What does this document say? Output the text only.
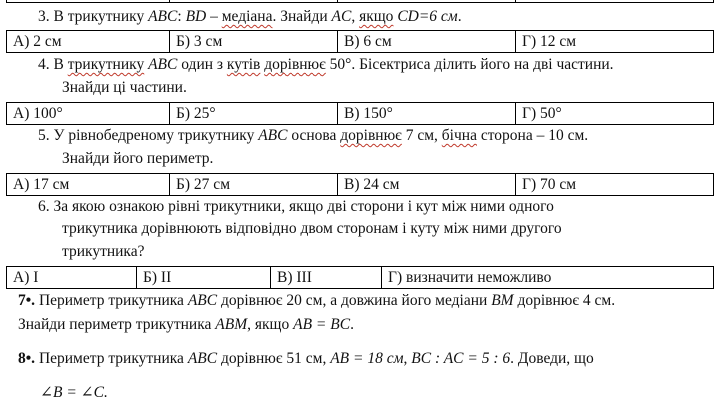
3. В трикутнику ABC: BD – медіана. Знайди AC, якщо CD=6 см.
А) 2 см	Б) 3 см	В) 6 см	Г) 12 см
4. В трикутнику ABC один з кутів дорівнює 50°. Бісектриса ділить його на дві частини.
Знайди ці частини.
А) 100°	Б) 25°	В) 150°	Г) 50°
5. У рівнобедреному трикутнику ABC основа дорівнює 7 см, бічна сторона – 10 см.
Знайди його периметр.
А) 17 см	Б) 27 см	В) 24 см	Г) 70 см
6. За якою ознакою рівні трикутники, якщо дві сторони і кут між ними одного
трикутника дорівнюють відповідно двом сторонам і куту між ними другого
трикутника?
А) I	Б) II	В) III	Г) визначити неможливо
7•. Периметр трикутника ABC дорівнює 20 см, а довжина його медіани BM дорівнює 4 см.
Знайди периметр трикутника ABM, якщо AB = BC.
8•. Периметр трикутника ABC дорівнює 51 см, AB = 18 см, BC : AC = 5 : 6. Доведи, що
∠B = ∠C.
